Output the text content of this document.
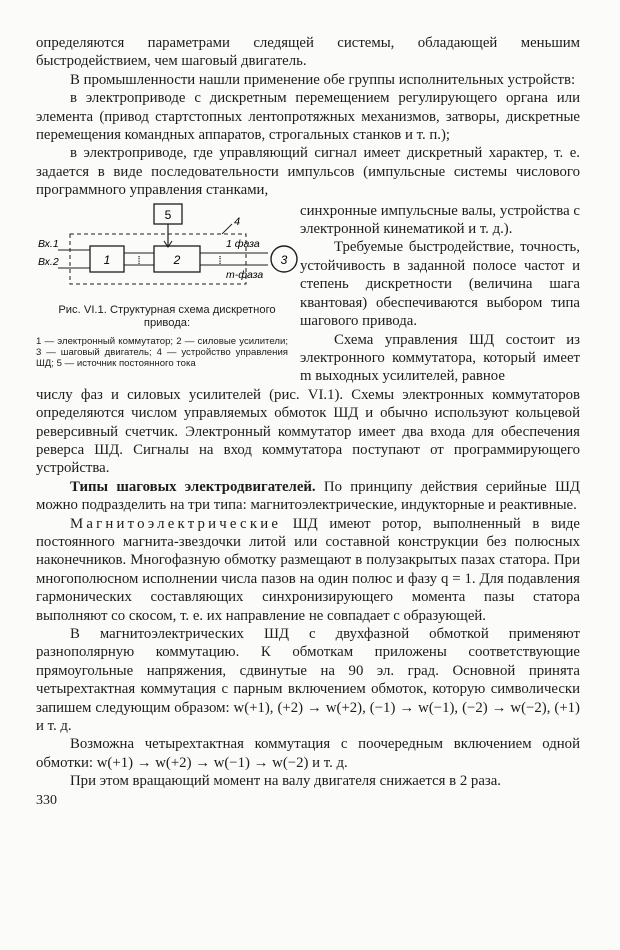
определяются параметрами следящей системы, обладающей меньшим быстродействием, чем шаговый двигатель.

В промышленности нашли применение обе группы исполнительных устройств:

в электроприводе с дискретным перемещением регулирующего органа или элемента (привод стартстопных лентопротяжных механизмов, затворы, дискретные перемещения командных аппаратов, строгальных станков и т. п.);

в электроприводе, где управляющий сигнал имеет дискретный характер, т. е. задается в виде последовательности импульсов (импульсные системы числового программного управления станками,

5	4
Вх.1
Вх.2	1 ⁞	2	⁞
1 фаза
m-фаза
3
Рис. VI.1. Структурная схема дискретного привода:
1 — электронный коммутатор; 2 — силовые усилители; 3 — шаговый двигатель; 4 — устройство управления ШД; 5 — источник постоянного тока

синхронные импульсные валы, устройства с электронной кинематикой и т. д.).

Требуемые быстродействие, точность, устойчивость в заданной полосе частот и степень дискретности (величина шага квантовая) обеспечиваются выбором типа шагового привода.

Схема управления ШД состоит из электронного коммутатора, который имеет m выходных усилителей, равное

числу фаз и силовых усилителей (рис. VI.1). Схемы электронных коммутаторов определяются числом управляемых обмоток ШД и обычно используют кольцевой реверсивный счетчик. Электронный коммутатор имеет два входа для обеспечения реверса ШД. Сигналы на вход коммутатора поступают от программирующего устройства.

Типы шаговых электродвигателей. По принципу действия серийные ШД можно подразделить на три типа: магнитоэлектрические, индукторные и реактивные.

Магнитоэлектрические ШД имеют ротор, выполненный в виде постоянного магнита-звездочки литой или составной конструкции без полюсных наконечников. Многофазную обмотку размещают в полузакрытых пазах статора. При многополюсном исполнении числа пазов на один полюс и фазу q = 1. Для подавления гармонических составляющих синхронизирующего момента пазы статора выполняют со скосом, т. е. их направление не совпадает с образующей.

В магнитоэлектрических ШД с двухфазной обмоткой применяют разнополярную коммутацию. К обмоткам приложены соответствующие прямоугольные напряжения, сдвинутые на 90 эл. град. Основной принята четырехтактная коммутация с парным включением обмоток, которую символически запишем следующим образом: w(+1), (+2) → w(+2), (−1) → w(−1), (−2) → w(−2), (+1) и т. д.

Возможна четырехтактная коммутация с поочередным включением одной обмотки: w(+1) → w(+2) → w(−1) → w(−2) и т. д.

При этом вращающий момент на валу двигателя снижается в 2 раза.

330
